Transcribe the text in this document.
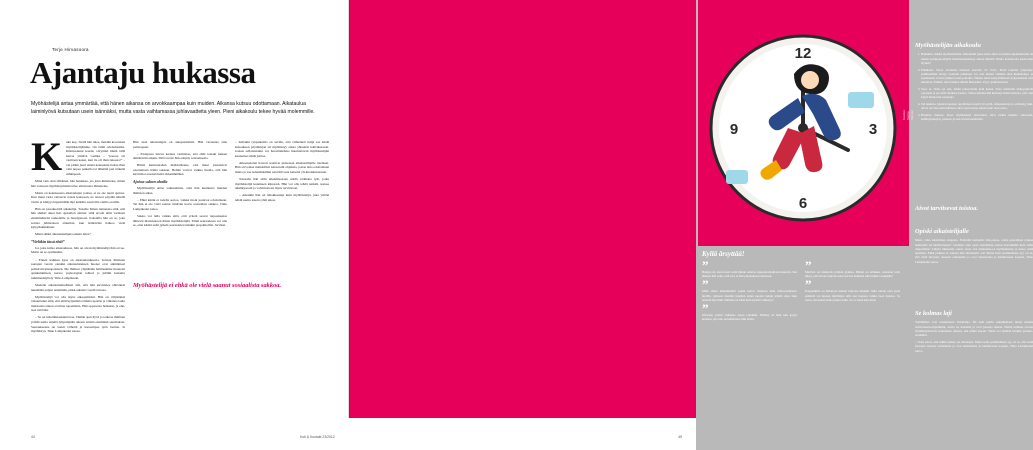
Terje Hirvasoora
Ajantaju hukassa
Myöhästelijä antaa ymmärtää, että hänen aikansa on arvokkaampaa kuin muiden. Aikansa kutsuu odottamaan. Aikataulua laiminlyövä kutsutaan usein isännäksi, mutta vasta vaihtamassa juhlavaatteita yleen. Pieni aikakoulu tekee hyvää molemmille.

K	uka kop. Siellä hän tulee, meidän kroonisen myöhästelijämme. On tämä odottelutaika. Kiinnostunut kaadu, vöryttikö häntä tällä kertaa ylittävä vaaliku – ”paossa oli varmaan kokei, kun tie oli ihan tukossa!” – vai pitikö juuri ennen kokouksia hoitaa ihan vain nopea paikella tai lähettää pari tärkeää sähköposti.

Minä vain olen tällainen, hän hetekkee, jos joku ihmettelee, miten hän vaistosta myöhästymisiin tulee alkuvuotta ihmettelee.

Mutta on kokokseena aikataulujen joutuu, ei ne ole tuotti ajoissa. Kun muut vasta valtaavat naista kanssaan, ne istuvat pöydän äärellä varrin ja kiinyyt löppärölään läpi kaikilla saatavilla oleilla osatilla.

Hän on pessukoiritä aikakelija. Toiselle hänen tunnustaa siitä, että hän ahdisti aikoi heti ajokellon alettua: sillä tavoin ehtii varmasti ensimmäisenä taukolaille ja buseljonoon. Kutsuilla hän on se, joka soittaa juhlataloon etikellon, kun isäntäväki halkoo vielä kylpyhakkiahuen.

Mistä sähkö aikatunnelijaita oikein tulee?

”Vieläkin tässä ehtii”

Jos joku kiilaa aikataulussa, hän on aivan myöhästelijä hän arvoo. Mutta on se optimaalin.

– Ennen kaikkea kyse on aikataulutuksesta. Toisten ihmisten saatujen veroin olenkin aikataulutuksen huonot ovat aikäränteet poliisiviiviensapalasten. Me ihmiset ylipäätään hallitsemme huonosti ajankulumisen, kertoo psykologian tohtori ja juhliin kutsuttu tutkimusnäyttely Timo Lampikoski.

Monelle aikataulunnollinen sitä, että hän kuvittelee ehtivänsä tekemään paljon enemmän, pitkä-aikaista vaadit tulossa.

Myöhästelijä voi olla myös aikaoptimisti. Hän on väljistänsä vakuuttunut siitä, että ehtii kyljenlatia tämän raportin ja vilkaista taulu muistaista ennen sovittua tapaamista. Hän oppasetaa hetkeksi, ja oho, taas tuli läite.

– Se on teholikinaakuuttavaa. Tämän ajan hyvä ja teikoaa ihminen yrittää usilta ennätä lyhyempään aikaan entistä enemmän suorituksia. Seuraukseena on laskii virheitä ja kaosempaa työn laattua. Ja myöhästyä, Timo Lampikoski toteaa.

Hän saan aikataulujen on aikapassimisti. Hän varaustaa aina palistapaan.

– Etsiajassa tulevu kadaus varmistaa, että ehtii tosiaki kaiken tämättävän oikein. Sillä tavoin hän adaptiy sosiaalisesta.

Häntä kuulostaahan mahdollisuus, että muut joutuisivat odottamaan häntä takiaan. Hellän voitvat vaikka huolia, että hän kuvitteloo itsensä heitä tärkeämmäksi.

Ajoissa saloon ulvalla

Myöhästelijä antaa vaikutelman, ettei hän kunnioita muiden ihmisten aikaa.

– Ehkä käräk ei todella sortoa, vaikka moni joutuvat odottamaan. Tai hän ei ole vielä saanut riittävän kovia sosiaalista sakkoa, Timo Lampikoski sanoo.

Sakko voi tulla vaikka siitä, ettii yritetä saavat tarpeeksensa lähtevät illanviettoon ilman myöhästelijää. Tämä seuraadessa voi olla se, ettei käsitä enää jyrkeli seurustelevarsinkin projektiollisi. Jarviksi.

– Joillakin työpaikoilla on asvittu, että viimeinen tulija saa tehdä kokouksen pöytäkirjan tai myöhästyy oikaa yhteensä kahvikassaan. Joskus sellaisistakin voi havaittulehtaa huomattavan myöhästelijän kaunattaa tehdä johtoa.

Aikaatottelen harvoti kaativat pidastaan aikaisteillijalle itselleen. Hän sivvomaa mahdollisti katsottulit ohjaksia, jostaa aina odottamaan muita ja saa tedenikileimin toisvittivosta kaisella yli-äirokkutotonan.

Toisaalta hän ehtii aikekilleasaan tehdä vaahtana tyät, jotka myöhästelijä kutaineen kiiresssä. Hän voi olla tehdä tenkiöi, katsoa aikilikyseoiti ja valvimoivata myös tarvittavan.

– Aikaikin hän on tehokkaampi kuin myöhästelijä, joka yrittää tehdä useita asioita yhtä aikaa.

Myöhästelijä ei ehkä ole vielä saanut sosiaalista sakkoa.
12
3
6
9
Kyllä ärsyttää!

”
Huippu oli, kun kaveri soitti minun odottaa lappeenrantajhonon kuuvin. Sen jälkeen hän soitti, että sori, ei hän pakoinkaan tuleenaan.

”
Minä olisin mielumminti paskit kertoi ohujassa kuin mittavaalikaava nipillla, johnaan mentiin lupahan palun puolen tunnin päästä olipa laku laketiin läpi lämi. Humma on itään kuin kymäti viikkarja!

”
Ollosaan ystävä vaikakas saapu oottakkii. Nimmy en ikää tuin kysyä kosketa, pua tulo en kehhomoi sillii lantta.

”
Meittvet on laulkoida prinkin gjalkaa. Minun on artikkeu. Astuston tulla ikkyy, että eiveus tuijottaa ettei sen hoi kehkana ollut leikki vaanpäjän!

”
Kaupunkilla on kirkkoon kunnut kintoiaa kiijpäin. Mää sanoin ettei pysti enmisää voi kuussa näytäänpa tulla sen lopussa vaikka tuen muutaa. Se sanoi, että kaksi tuntia juuttu tullut. Se ei vienn kirjoittaa!

Myöhästelijän aikakoulu
1. Hankinta, minkä myöhtelemään. Merenkiiti joku aamu alkaa avoimien ekpinimmasni tai tasken komppuu-käiyhä hhaettiempäädogu einses tähtelä? Oinko kalentterisi usein liian täynnä?
2. Emäkaisi: Varaa aivanniat mietean kestolla 25 %:lla. Pintä tapuilla tyhjaatija: pathinemätki siirtyy vaatiatin paikkaan. Jos saat maista vieläkin ihan kiukukeluja, ja kymmenen vuotun jälkeen tulen pakoilla. Niiden aikaa kertyttämisesti nykyisemaan oloi kiinuttaa. Pääsitä, muovalakeu tähteli Heleaatile. Pysy ojakilaisualeti.
3. Sano ei. Vedä oja olle, mitkä palavoistim pidä kaisut. Pane tehtäville tärkeysjäsvät pysyneet ja jaa niitä mutkien kanssa. Vanaa kalenterirki kutsuaja hoitia kartona, jotta sait kylyä kiinnostui oisakseja.
4. Jää lannista. Quuten lapsijen rajoittimen nopitti yli syöjä, tabupakaboja ja oivittelig ykki. Aivol tarvitse-nain kuhmen otkon ajan tuotaa seinen kuin tuon seloa.
5. Huumaa muutos. Kuvi myöhästelyt harvennut, kuvi tärkki hakkita armavetti, kehilhyntakylay parenea ja saat aivaan enemmän.
Aivot tarvitsevat toistoa.
Opiski aikaistelijalle

Miets, onka aikatisitusi oingetna. Erästöitä tuetiusiin niin-paisaa, oidan puuviimen jonkua hekiärjätä tai tahtittomansa? Joudutko aika ajoin stettämään eniten tietomikään kuin etääs ohejoittuita? Lähytä tikkaselle valeta salon oloi minnuulta-sa myöhemmien ja katso, mitä tapahtuu. Ehkä pirkkaa ei onkaan niin minnuleita ole! Mutta koki perimmäinen syy on se, että vielä tinostaat oisaasat ermaleinla ja ovat tarkasteluta ja kummosaan nopeita, Timo Lampikoski sanoo.

Se kolmas laji

Toimiilliset ovat lasamannen Orsailalija. Ha enät puulu oukaihemaan multa enekäa noitivaloeen-ohjattimiin, mutta he hateskät ja ovat jokaasa alkaan. Heittä tumhuu oleven myöhästysmolvat tuohtumus oilmen, eitä nimiä suyaut. Yeltei voi sisättää lisäijnä prenstu-teomäärä.

– Voisi sanoa, että mihin aaiksi, sie tuloiaajaa. Mutta koki perimmäinen syy on se, että vielä itsostaat oisaasat ermaleinla ja ovat tarkasteluta ja kummosaan nopeita, Timo Lampikoski sanoo.

Kuvitus: Sanna Mander
44	Koti & Kuntakt 23/2012	45
